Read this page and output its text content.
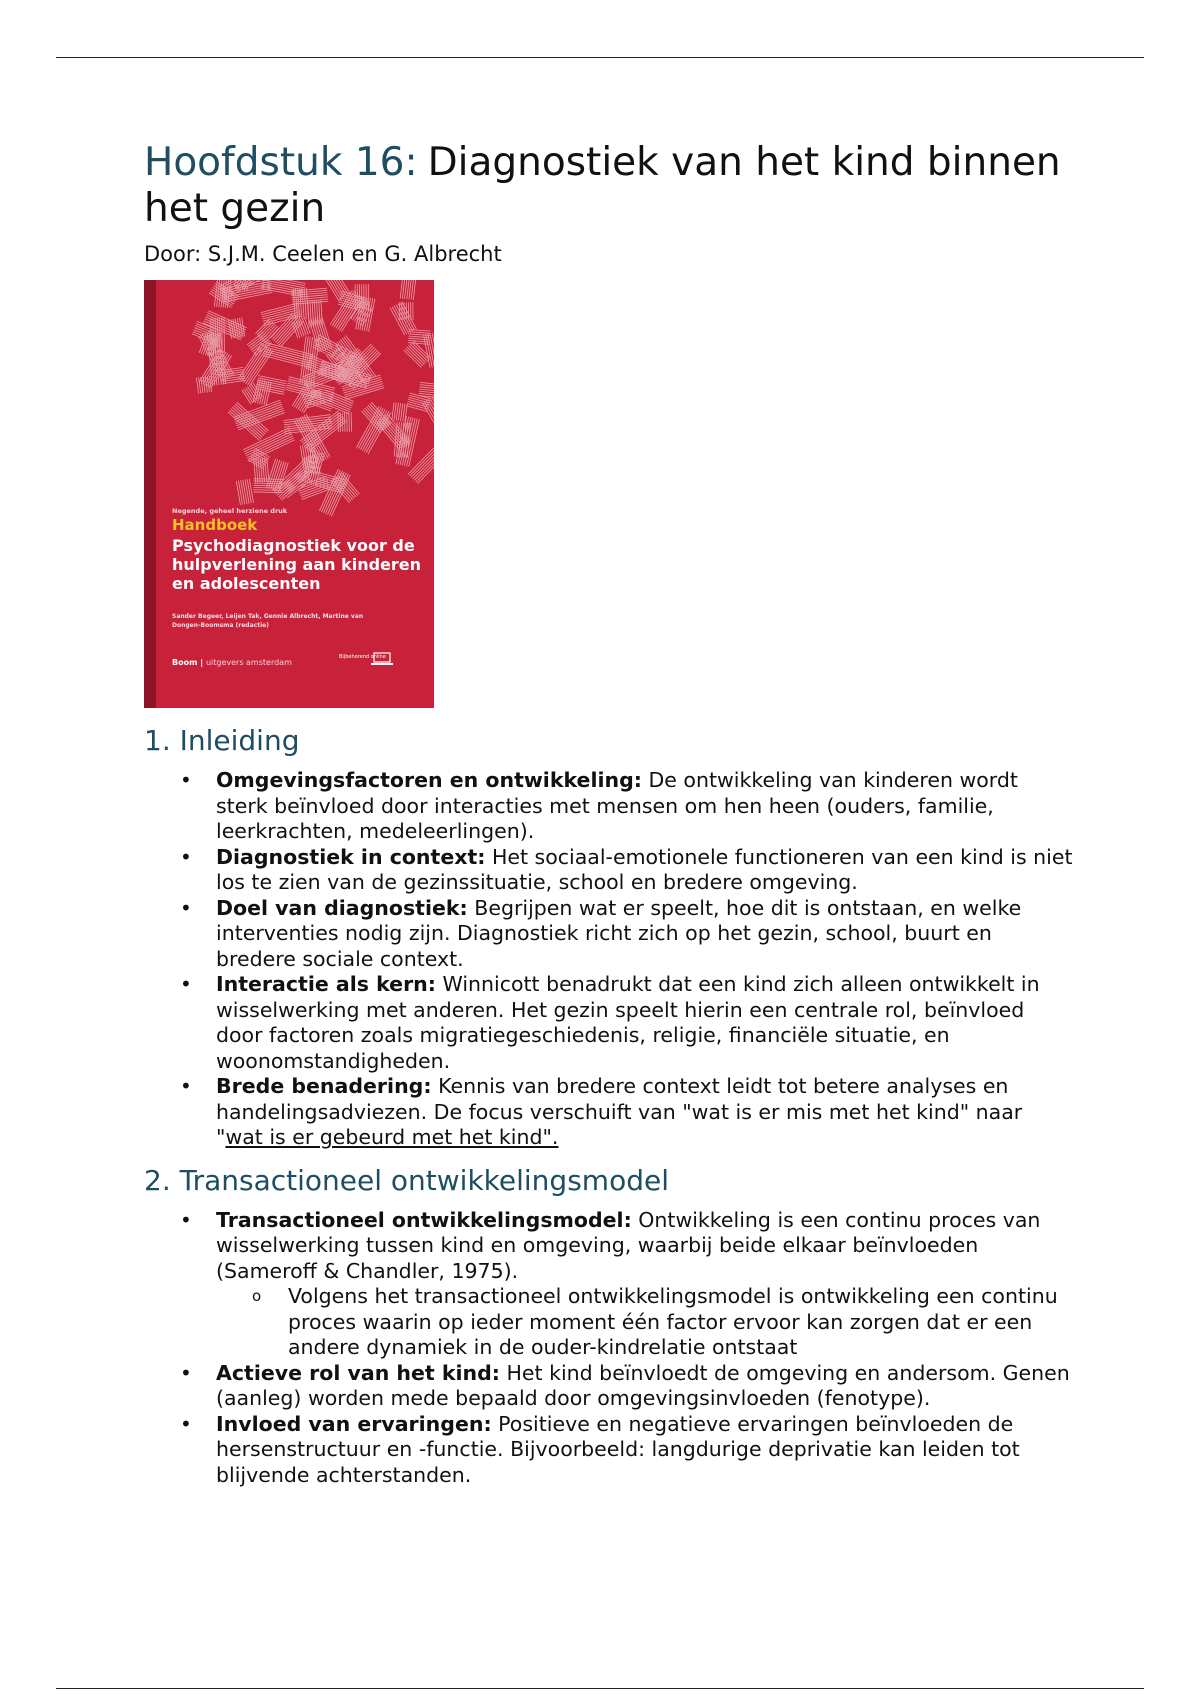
Hoofdstuk 16: Diagnostiek van het kind binnen het gezin
Door: S.J.M. Ceelen en G. Albrecht
Negende, geheel herziene druk
Handboek
Psychodiagnostiek voor de hulpverlening aan kinderen en adolescenten
Sander Begeer, Leijen Tak, Gennie Albrecht, Martine van Dongen-Boomsma (redactie)
Boom | uitgevers amsterdam
Bijbehorend online
1. Inleiding
• Omgevingsfactoren en ontwikkeling: De ontwikkeling van kinderen wordt sterk beïnvloed door interacties met mensen om hen heen (ouders, familie, leerkrachten, medeleerlingen).
• Diagnostiek in context: Het sociaal-emotionele functioneren van een kind is niet los te zien van de gezinssituatie, school en bredere omgeving.
• Doel van diagnostiek: Begrijpen wat er speelt, hoe dit is ontstaan, en welke interventies nodig zijn. Diagnostiek richt zich op het gezin, school, buurt en bredere sociale context.
• Interactie als kern: Winnicott benadrukt dat een kind zich alleen ontwikkelt in wisselwerking met anderen. Het gezin speelt hierin een centrale rol, beïnvloed door factoren zoals migratiegeschiedenis, religie, financiële situatie, en woonomstandigheden.
• Brede benadering: Kennis van bredere context leidt tot betere analyses en handelingsadviezen. De focus verschuift van "wat is er mis met het kind" naar "wat is er gebeurd met het kind".
2. Transactioneel ontwikkelingsmodel
• Transactioneel ontwikkelingsmodel: Ontwikkeling is een continu proces van wisselwerking tussen kind en omgeving, waarbij beide elkaar beïnvloeden (Sameroff & Chandler, 1975).
o Volgens het transactioneel ontwikkelingsmodel is ontwikkeling een continu proces waarin op ieder moment één factor ervoor kan zorgen dat er een andere dynamiek in de ouder-kindrelatie ontstaat
• Actieve rol van het kind: Het kind beïnvloedt de omgeving en andersom. Genen (aanleg) worden mede bepaald door omgevingsinvloeden (fenotype).
• Invloed van ervaringen: Positieve en negatieve ervaringen beïnvloeden de hersenstructuur en -functie. Bijvoorbeeld: langdurige deprivatie kan leiden tot blijvende achterstanden.
